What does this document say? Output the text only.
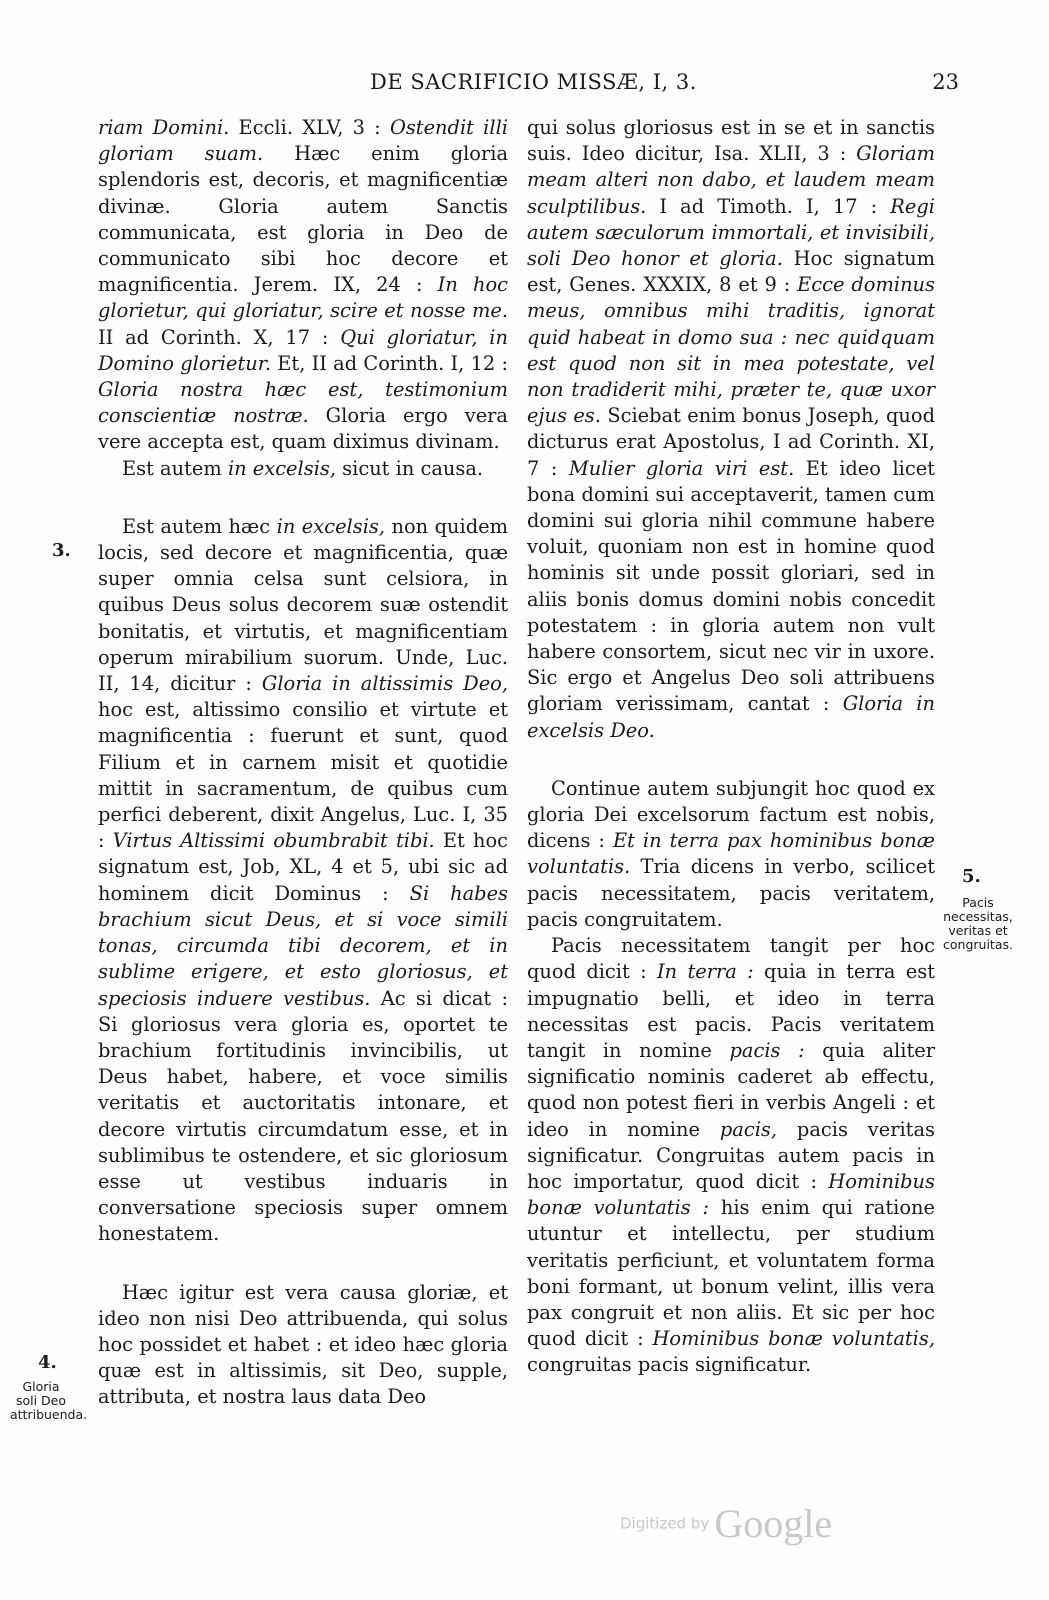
DE SACRIFICIO MISSÆ, I, 3.	23
3.
4.
Gloria soli Deo attribuenda.
5.
Pacis necessitas, veritas et congruitas.

riam Domini. Eccli. XLV, 3 : Ostendit illi gloriam suam. Hæc enim gloria splendoris est, decoris, et magnificentiæ divinæ. Gloria autem Sanctis communicata, est gloria in Deo de communicato sibi hoc decore et magnificentia. Jerem. IX, 24 : In hoc glorietur, qui gloriatur, scire et nosse me. II ad Corinth. X, 17 : Qui gloriatur, in Domino glorietur. Et, II ad Corinth. I, 12 : Gloria nostra hæc est, testimonium conscientiæ nostræ. Gloria ergo vera vere accepta est, quam diximus divinam.

Est autem in excelsis, sicut in causa.

Est autem hæc in excelsis, non quidem locis, sed decore et magnificentia, quæ super omnia celsa sunt celsiora, in quibus Deus solus decorem suæ ostendit bonitatis, et virtutis, et magnificentiam operum mirabilium suorum. Unde, Luc. II, 14, dicitur : Gloria in altissimis Deo, hoc est, altissimo consilio et virtute et magnificentia : fuerunt et sunt, quod Filium et in carnem misit et quotidie mittit in sacramentum, de quibus cum perfici deberent, dixit Angelus, Luc. I, 35 : Virtus Altissimi obumbrabit tibi. Et hoc signatum est, Job, XL, 4 et 5, ubi sic ad hominem dicit Dominus : Si habes brachium sicut Deus, et si voce simili tonas, circumda tibi decorem, et in sublime erigere, et esto gloriosus, et speciosis induere vestibus. Ac si dicat : Si gloriosus vera gloria es, oportet te brachium fortitudinis invincibilis, ut Deus habet, habere, et voce similis veritatis et auctoritatis intonare, et decore virtutis circumdatum esse, et in sublimibus te ostendere, et sic gloriosum esse ut vestibus induaris in conversatione speciosis super omnem honestatem.

Hæc igitur est vera causa gloriæ, et ideo non nisi Deo attribuenda, qui solus hoc possidet et habet : et ideo hæc gloria quæ est in altissimis, sit Deo, supple, attributa, et nostra laus data Deo

qui solus gloriosus est in se et in sanctis suis. Ideo dicitur, Isa. XLII, 3 : Gloriam meam alteri non dabo, et laudem meam sculptilibus. I ad Timoth. I, 17 : Regi autem sæculorum immortali, et invisibili, soli Deo honor et gloria. Hoc signatum est, Genes. XXXIX, 8 et 9 : Ecce dominus meus, omnibus mihi traditis, ignorat quid habeat in domo sua : nec quidquam est quod non sit in mea potestate, vel non tradiderit mihi, præter te, quæ uxor ejus es. Sciebat enim bonus Joseph, quod dicturus erat Apostolus, I ad Corinth. XI, 7 : Mulier gloria viri est. Et ideo licet bona domini sui acceptaverit, tamen cum domini sui gloria nihil commune habere voluit, quoniam non est in homine quod hominis sit unde possit gloriari, sed in aliis bonis domus domini nobis concedit potestatem : in gloria autem non vult habere consortem, sicut nec vir in uxore. Sic ergo et Angelus Deo soli attribuens gloriam verissimam, cantat : Gloria in excelsis Deo.

Continue autem subjungit hoc quod ex gloria Dei excelsorum factum est nobis, dicens : Et in terra pax hominibus bonæ voluntatis. Tria dicens in verbo, scilicet pacis necessitatem, pacis veritatem, pacis congruitatem.

Pacis necessitatem tangit per hoc quod dicit : In terra : quia in terra est impugnatio belli, et ideo in terra necessitas est pacis. Pacis veritatem tangit in nomine pacis : quia aliter significatio nominis caderet ab effectu, quod non potest fieri in verbis Angeli : et ideo in nomine pacis, pacis veritas significatur. Congruitas autem pacis in hoc importatur, quod dicit : Hominibus bonæ voluntatis : his enim qui ratione utuntur et intellectu, per studium veritatis perficiunt, et voluntatem forma boni formant, ut bonum velint, illis vera pax congruit et non aliis. Et sic per hoc quod dicit : Hominibus bonæ voluntatis, congruitas pacis significatur.

Digitized by Google
